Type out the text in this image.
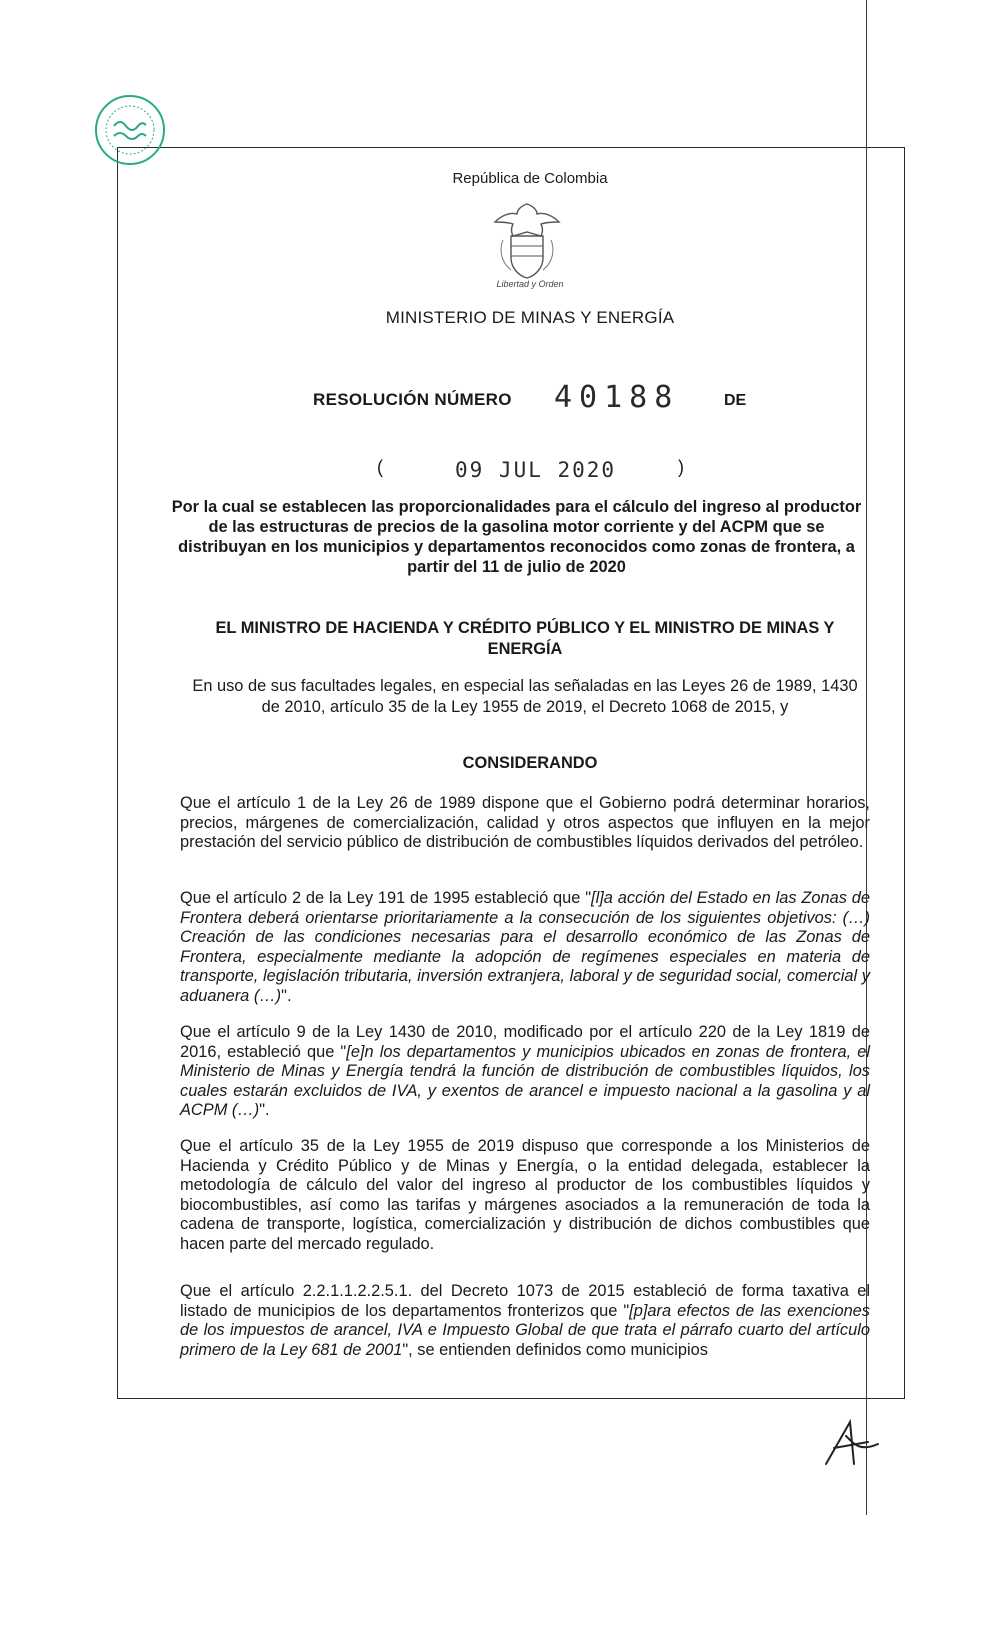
República de Colombia
Libertad y Orden
MINISTERIO DE MINAS Y ENERGÍA
RESOLUCIÓN NÚMERO 40188	DE
(	09 JUL 2020	)
Por la cual se establecen las proporcionalidades para el cálculo del ingreso al productor de las estructuras de precios de la gasolina motor corriente y del ACPM que se distribuyan en los municipios y departamentos reconocidos como zonas de frontera, a partir del 11 de julio de 2020
EL MINISTRO DE HACIENDA Y CRÉDITO PÚBLICO Y EL MINISTRO DE MINAS Y ENERGÍA
En uso de sus facultades legales, en especial las señaladas en las Leyes 26 de 1989, 1430 de 2010, artículo 35 de la Ley 1955 de 2019, el Decreto 1068 de 2015, y
CONSIDERANDO
Que el artículo 1 de la Ley 26 de 1989 dispone que el Gobierno podrá determinar horarios, precios, márgenes de comercialización, calidad y otros aspectos que influyen en la mejor prestación del servicio público de distribución de combustibles líquidos derivados del petróleo.
Que el artículo 2 de la Ley 191 de 1995 estableció que "[l]a acción del Estado en las Zonas de Frontera deberá orientarse prioritariamente a la consecución de los siguientes objetivos: (…) Creación de las condiciones necesarias para el desarrollo económico de las Zonas de Frontera, especialmente mediante la adopción de regímenes especiales en materia de transporte, legislación tributaria, inversión extranjera, laboral y de seguridad social, comercial y aduanera (…)".
Que el artículo 9 de la Ley 1430 de 2010, modificado por el artículo 220 de la Ley 1819 de 2016, estableció que "[e]n los departamentos y municipios ubicados en zonas de frontera, el Ministerio de Minas y Energía tendrá la función de distribución de combustibles líquidos, los cuales estarán excluidos de IVA, y exentos de arancel e impuesto nacional a la gasolina y al ACPM (…)".
Que el artículo 35 de la Ley 1955 de 2019 dispuso que corresponde a los Ministerios de Hacienda y Crédito Público y de Minas y Energía, o la entidad delegada, establecer la metodología de cálculo del valor del ingreso al productor de los combustibles líquidos y biocombustibles, así como las tarifas y márgenes asociados a la remuneración de toda la cadena de transporte, logística, comercialización y distribución de dichos combustibles que hacen parte del mercado regulado.
Que el artículo 2.2.1.1.2.2.5.1. del Decreto 1073 de 2015 estableció de forma taxativa el listado de municipios de los departamentos fronterizos que "[p]ara efectos de las exenciones de los impuestos de arancel, IVA e Impuesto Global de que trata el párrafo cuarto del artículo primero de la Ley 681 de 2001", se entienden definidos como municipios
